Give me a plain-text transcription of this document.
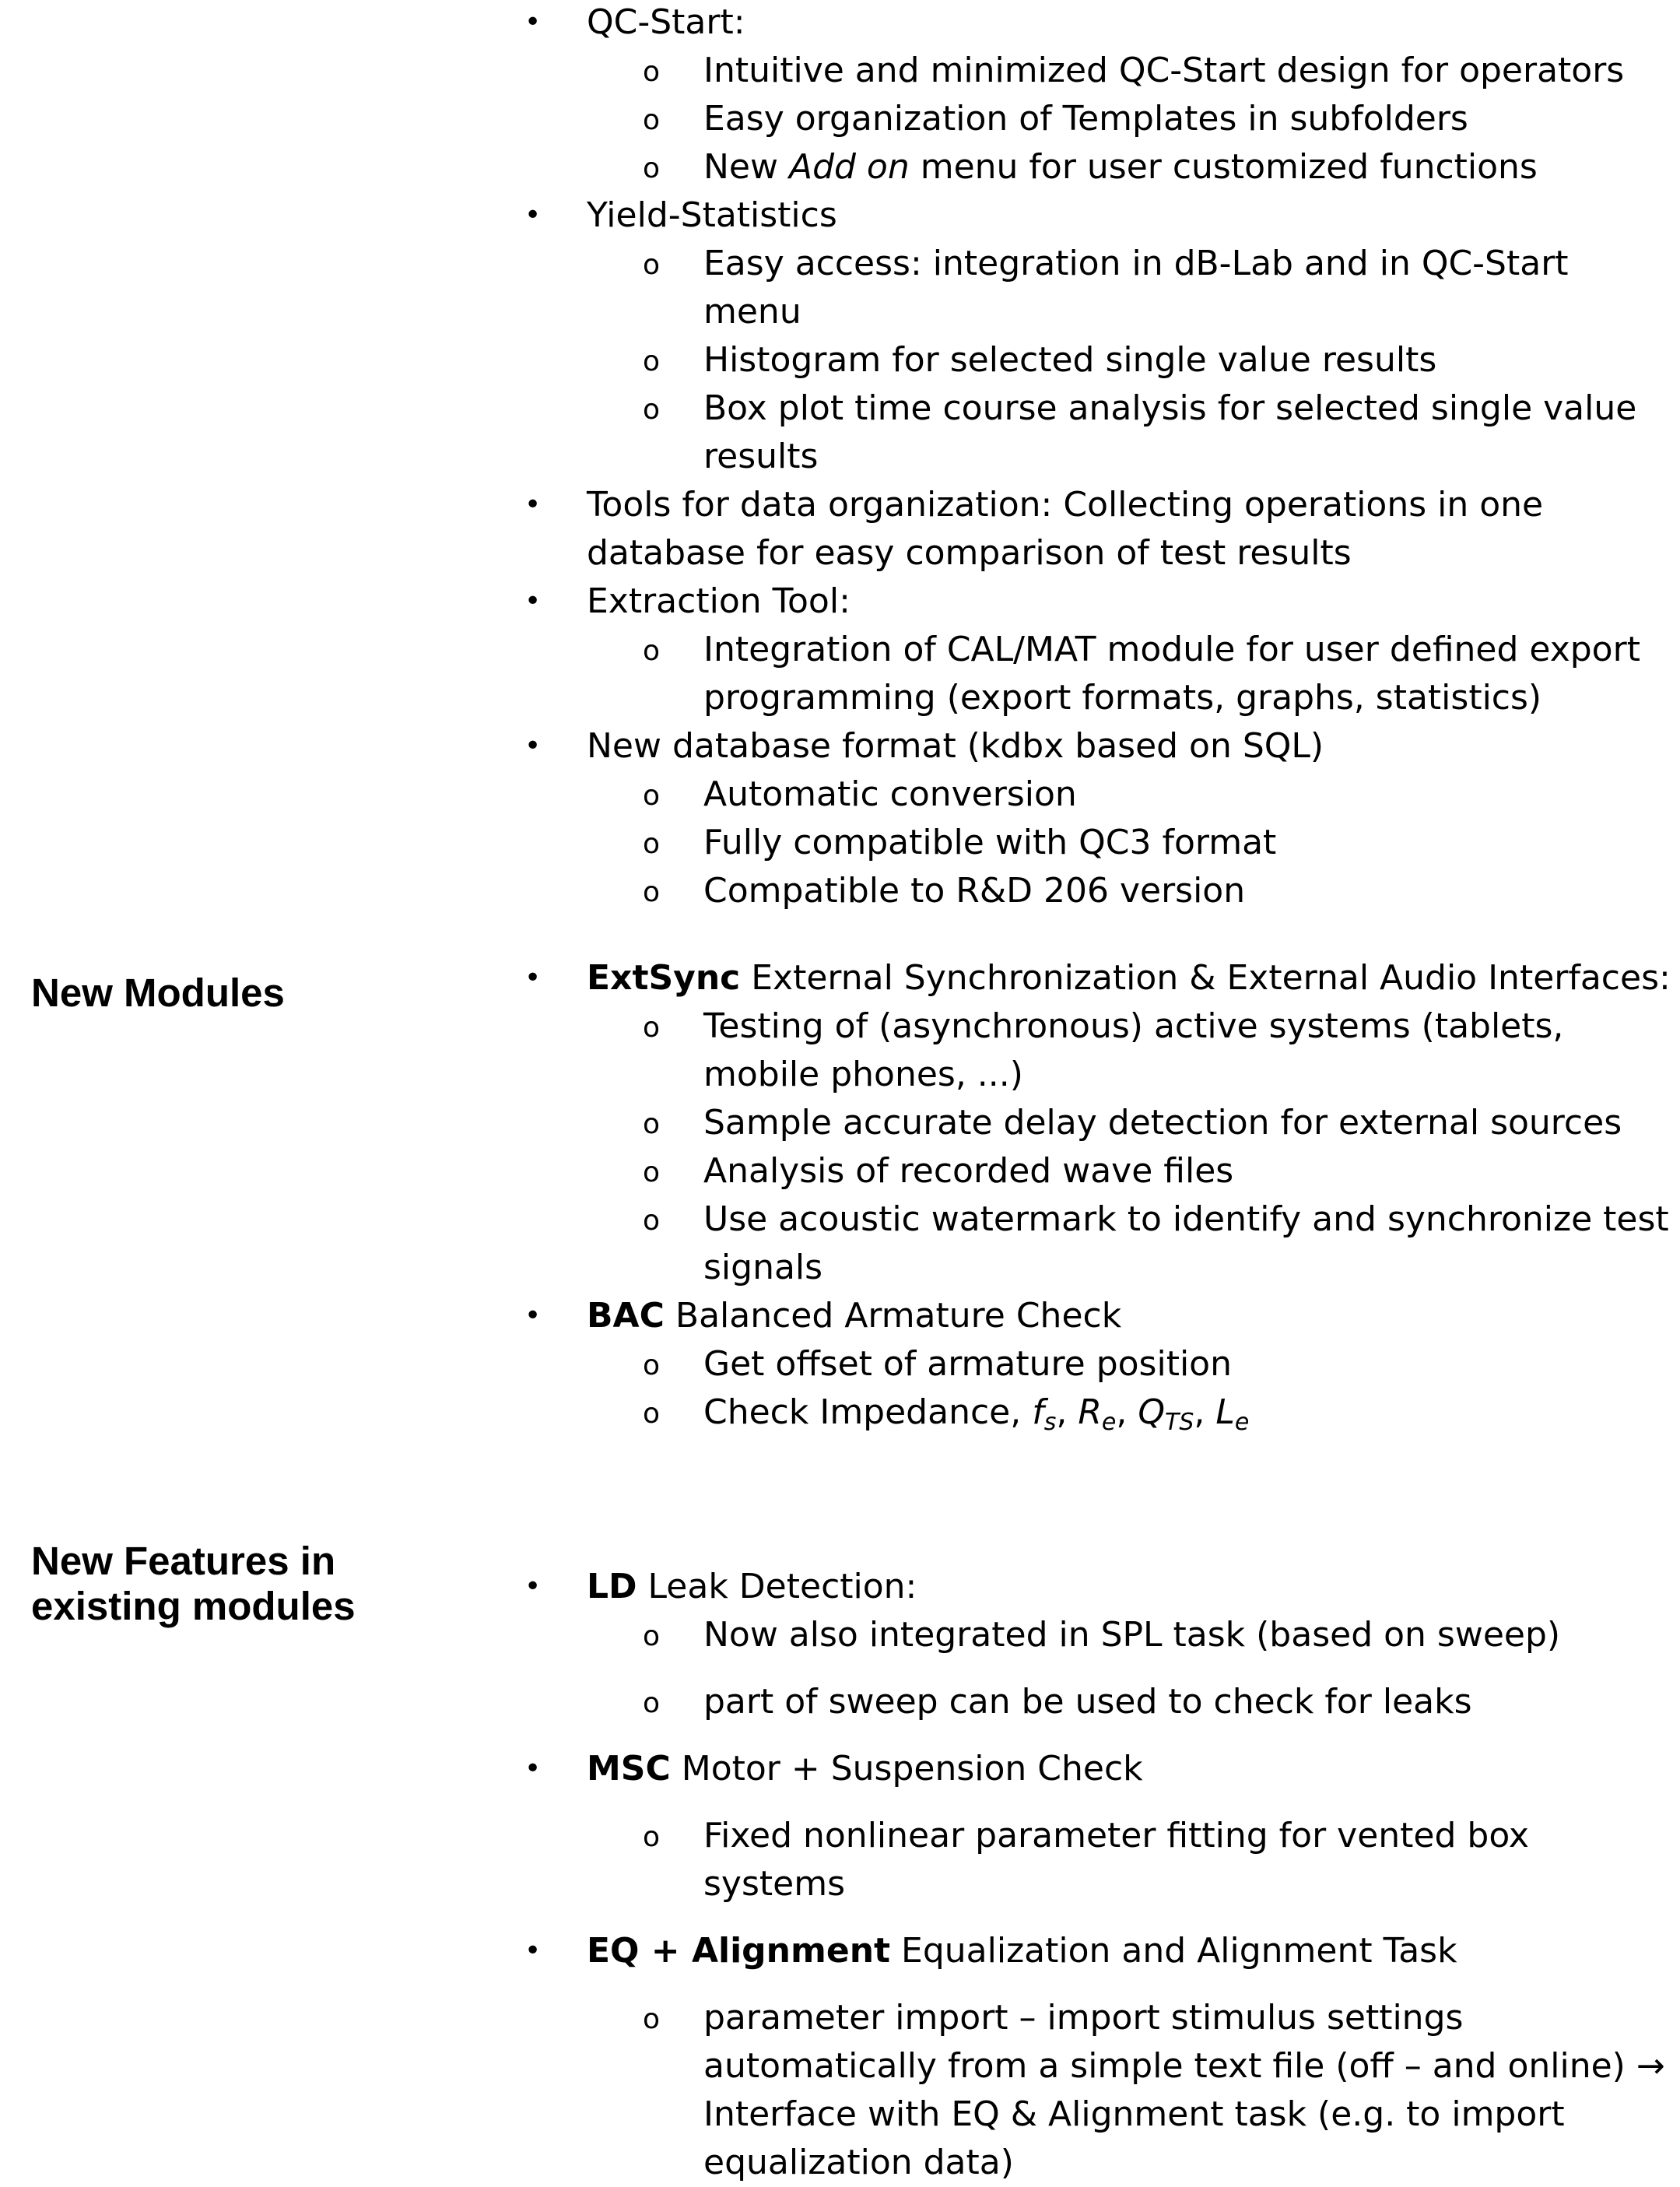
• QC-Start:

o Intuitive and minimized QC-Start design for operators

o Easy organization of Templates in subfolders

o New Add on menu for user customized functions

• Yield-Statistics

o Easy access: integration in dB-Lab and in QC-Start menu

o Histogram for selected single value results

o Box plot time course analysis for selected single value results

• Tools for data organization: Collecting operations in one database for easy comparison of test results

• Extraction Tool:

o Integration of CAL/MAT module for user defined export programming (export formats, graphs, statistics)

• New database format (kdbx based on SQL)

o Automatic conversion

o Fully compatible with QC3 format

o Compatible to R&D 206 version

New Modules	• ExtSync External Synchronization & External Audio Interfaces:

o Testing of (asynchronous) active systems (tablets, mobile phones, ...)

o Sample accurate delay detection for external sources

o Analysis of recorded wave files

o Use acoustic watermark to identify and synchronize test signals

• BAC Balanced Armature Check

o Get offset of armature position

o Check Impedance, $f_s$, $R_e$, $Q_{TS}$, $L_e$

New Features in existing modules	• LD Leak Detection:

o Now also integrated in SPL task (based on sweep)

o part of sweep can be used to check for leaks

• MSC Motor + Suspension Check

o Fixed nonlinear parameter fitting for vented box systems

• EQ + Alignment Equalization and Alignment Task

o parameter import – import stimulus settings automatically from a simple text file (off – and online) → Interface with EQ & Alignment task (e.g. to import equalization data)
